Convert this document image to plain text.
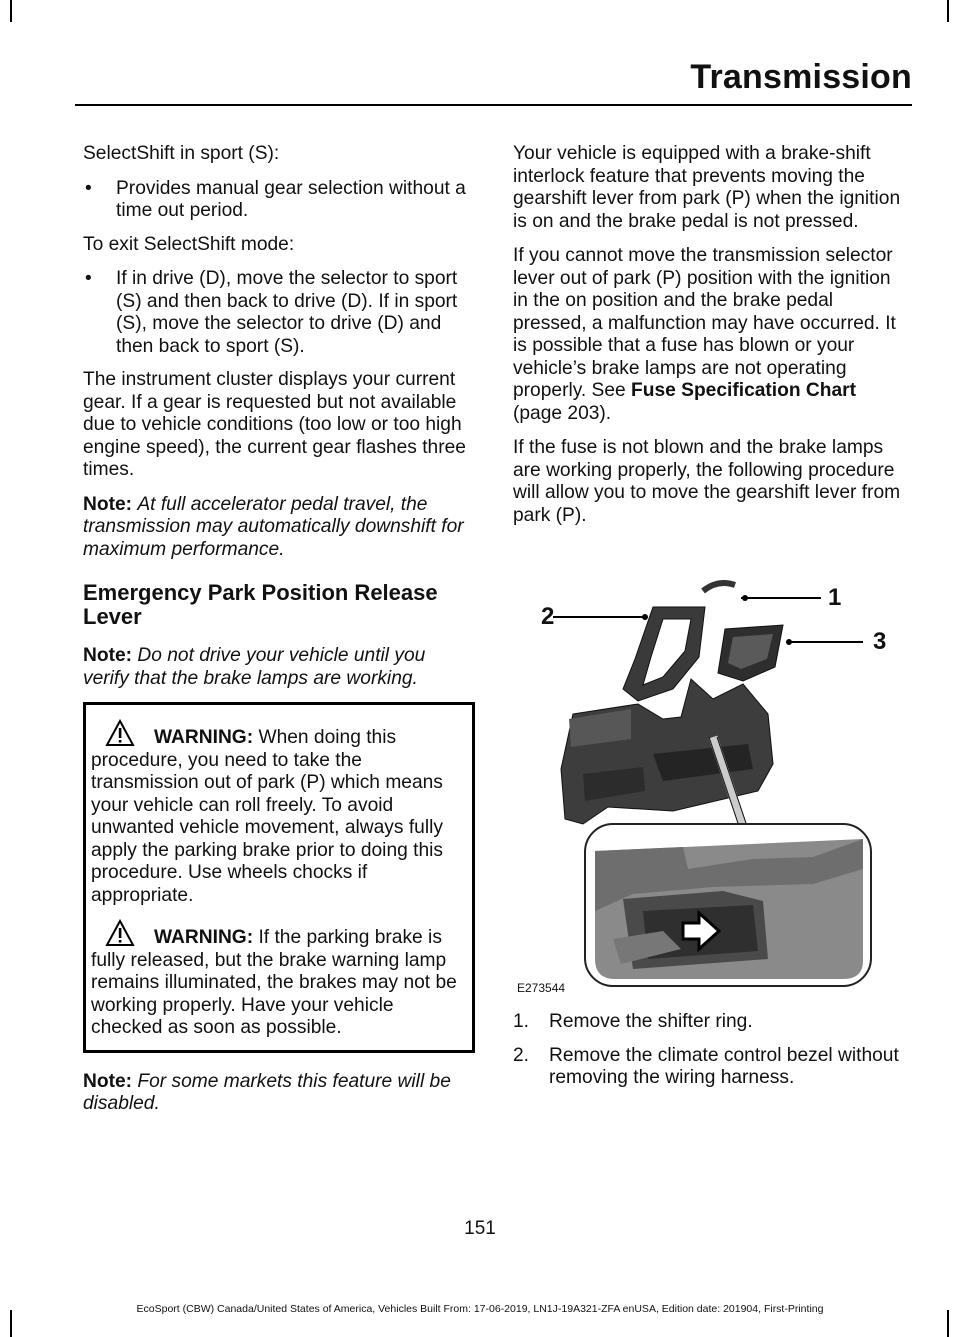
Transmission

SelectShift in sport (S):

• Provides manual gear selection without a time out period.

To exit SelectShift mode:

• If in drive (D), move the selector to sport (S) and then back to drive (D). If in sport (S), move the selector to drive (D) and then back to sport (S).

The instrument cluster displays your current gear. If a gear is requested but not available due to vehicle conditions (too low or too high engine speed), the current gear flashes three times.

Note: At full accelerator pedal travel, the transmission may automatically downshift for maximum performance.

Emergency Park Position Release Lever

Note: Do not drive your vehicle until you verify that the brake lamps are working.

WARNING: When doing this procedure, you need to take the transmission out of park (P) which means your vehicle can roll freely. To avoid unwanted vehicle movement, always fully apply the parking brake prior to doing this procedure. Use wheels chocks if appropriate.
WARNING: If the parking brake is fully released, but the brake warning lamp remains illuminated, the brakes may not be working properly. Have your vehicle checked as soon as possible.

Note: For some markets this feature will be disabled.

Your vehicle is equipped with a brake-shift interlock feature that prevents moving the gearshift lever from park (P) when the ignition is on and the brake pedal is not pressed.

If you cannot move the transmission selector lever out of park (P) position with the ignition in the on position and the brake pedal pressed, a malfunction may have occurred. It is possible that a fuse has blown or your vehicle’s brake lamps are not operating properly. See Fuse Specification Chart (page 203).

If the fuse is not blown and the brake lamps are working properly, the following procedure will allow you to move the gearshift lever from park (P).

1
2
3
E273544
1. Remove the shifter ring.
2. Remove the climate control bezel without removing the wiring harness.
151
EcoSport (CBW) Canada/United States of America, Vehicles Built From: 17-06-2019, LN1J-19A321-ZFA enUSA, Edition date: 201904, First-Printing
